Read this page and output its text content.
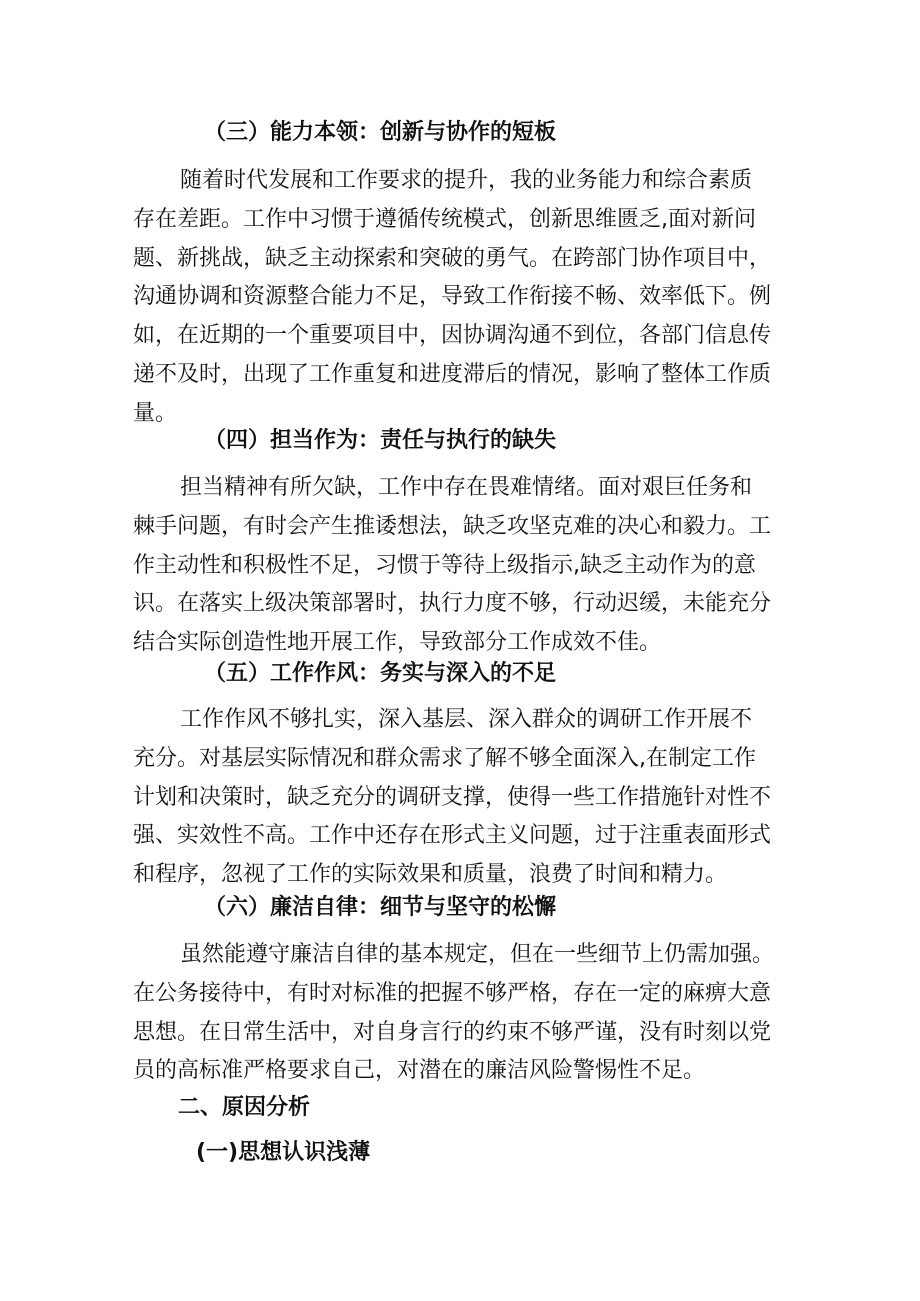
（三）能力本领：创新与协作的短板
随着时代发展和工作要求的提升，我的业务能力和综合素质
存在差距。工作中习惯于遵循传统模式，创新思维匮乏,面对新问
题、新挑战，缺乏主动探索和突破的勇气。在跨部门协作项目中，
沟通协调和资源整合能力不足，导致工作衔接不畅、效率低下。例
如，在近期的一个重要项目中，因协调沟通不到位，各部门信息传
递不及时，出现了工作重复和进度滞后的情况，影响了整体工作质
量。
（四）担当作为：责任与执行的缺失
担当精神有所欠缺，工作中存在畏难情绪。面对艰巨任务和
棘手问题，有时会产生推诿想法，缺乏攻坚克难的决心和毅力。工
作主动性和积极性不足，习惯于等待上级指示,缺乏主动作为的意
识。在落实上级决策部署时，执行力度不够，行动迟缓，未能充分
结合实际创造性地开展工作，导致部分工作成效不佳。
（五）工作作风：务实与深入的不足
工作作风不够扎实，深入基层、深入群众的调研工作开展不
充分。对基层实际情况和群众需求了解不够全面深入,在制定工作
计划和决策时，缺乏充分的调研支撑，使得一些工作措施针对性不
强、实效性不高。工作中还存在形式主义问题，过于注重表面形式
和程序，忽视了工作的实际效果和质量，浪费了时间和精力。
（六）廉洁自律：细节与坚守的松懈
虽然能遵守廉洁自律的基本规定，但在一些细节上仍需加强。
在公务接待中，有时对标准的把握不够严格，存在一定的麻痹大意
思想。在日常生活中，对自身言行的约束不够严谨，没有时刻以党
员的高标准严格要求自己，对潜在的廉洁风险警惕性不足。
二、原因分析
(一)思想认识浅薄
